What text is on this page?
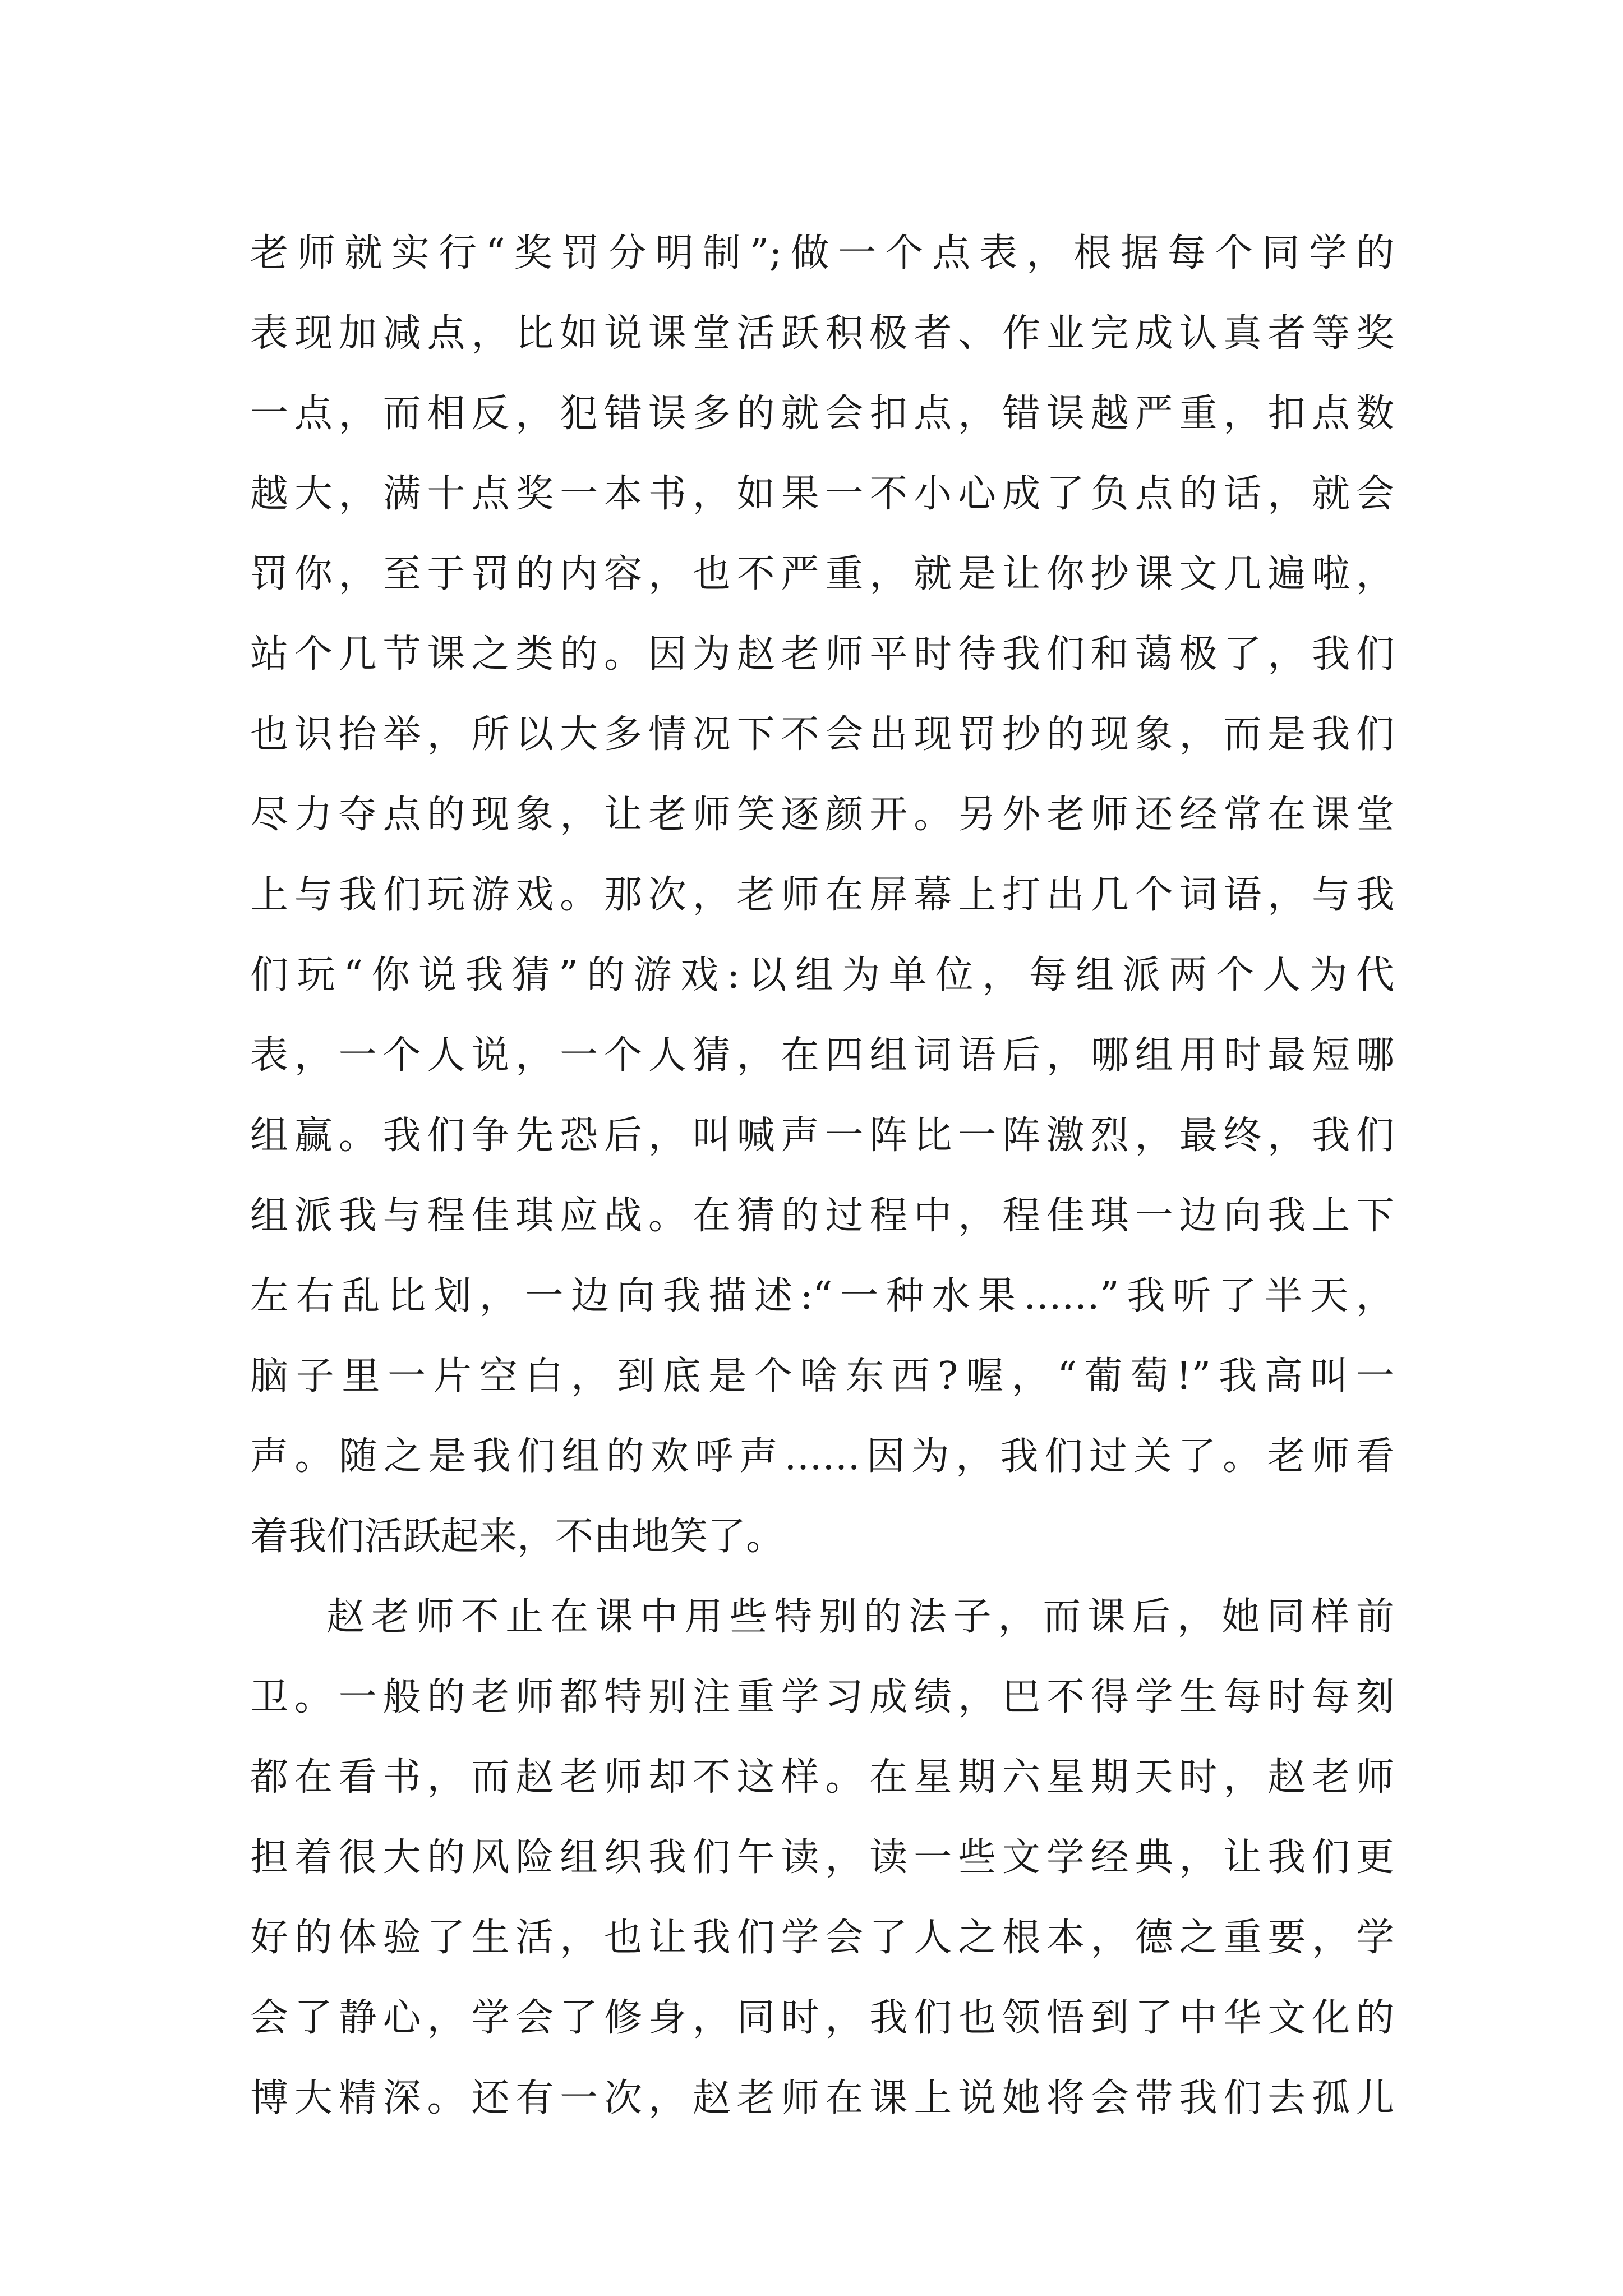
老师就实行“奖罚分明制”;做一个点表，根据每个同学的
表现加减点，比如说课堂活跃积极者、作业完成认真者等奖
一点，而相反，犯错误多的就会扣点，错误越严重，扣点数
越大，满十点奖一本书，如果一不小心成了负点的话，就会
罚你，至于罚的内容，也不严重，就是让你抄课文几遍啦，
站个几节课之类的。因为赵老师平时待我们和蔼极了，我们
也识抬举，所以大多情况下不会出现罚抄的现象，而是我们
尽力夺点的现象，让老师笑逐颜开。另外老师还经常在课堂
上与我们玩游戏。那次，老师在屏幕上打出几个词语，与我
们玩“你说我猜”的游戏:以组为单位，每组派两个人为代
表，一个人说，一个人猜，在四组词语后，哪组用时最短哪
组赢。我们争先恐后，叫喊声一阵比一阵激烈，最终，我们
组派我与程佳琪应战。在猜的过程中，程佳琪一边向我上下
左右乱比划，一边向我描述:“一种水果……”我听了半天，
脑子里一片空白，到底是个啥东西?喔，“葡萄!”我高叫一
声。随之是我们组的欢呼声……因为，我们过关了。老师看
着我们活跃起来，不由地笑了。
赵老师不止在课中用些特别的法子，而课后，她同样前
卫。一般的老师都特别注重学习成绩，巴不得学生每时每刻
都在看书，而赵老师却不这样。在星期六星期天时，赵老师
担着很大的风险组织我们午读，读一些文学经典，让我们更
好的体验了生活，也让我们学会了人之根本，德之重要，学
会了静心，学会了修身，同时，我们也领悟到了中华文化的
博大精深。还有一次，赵老师在课上说她将会带我们去孤儿
